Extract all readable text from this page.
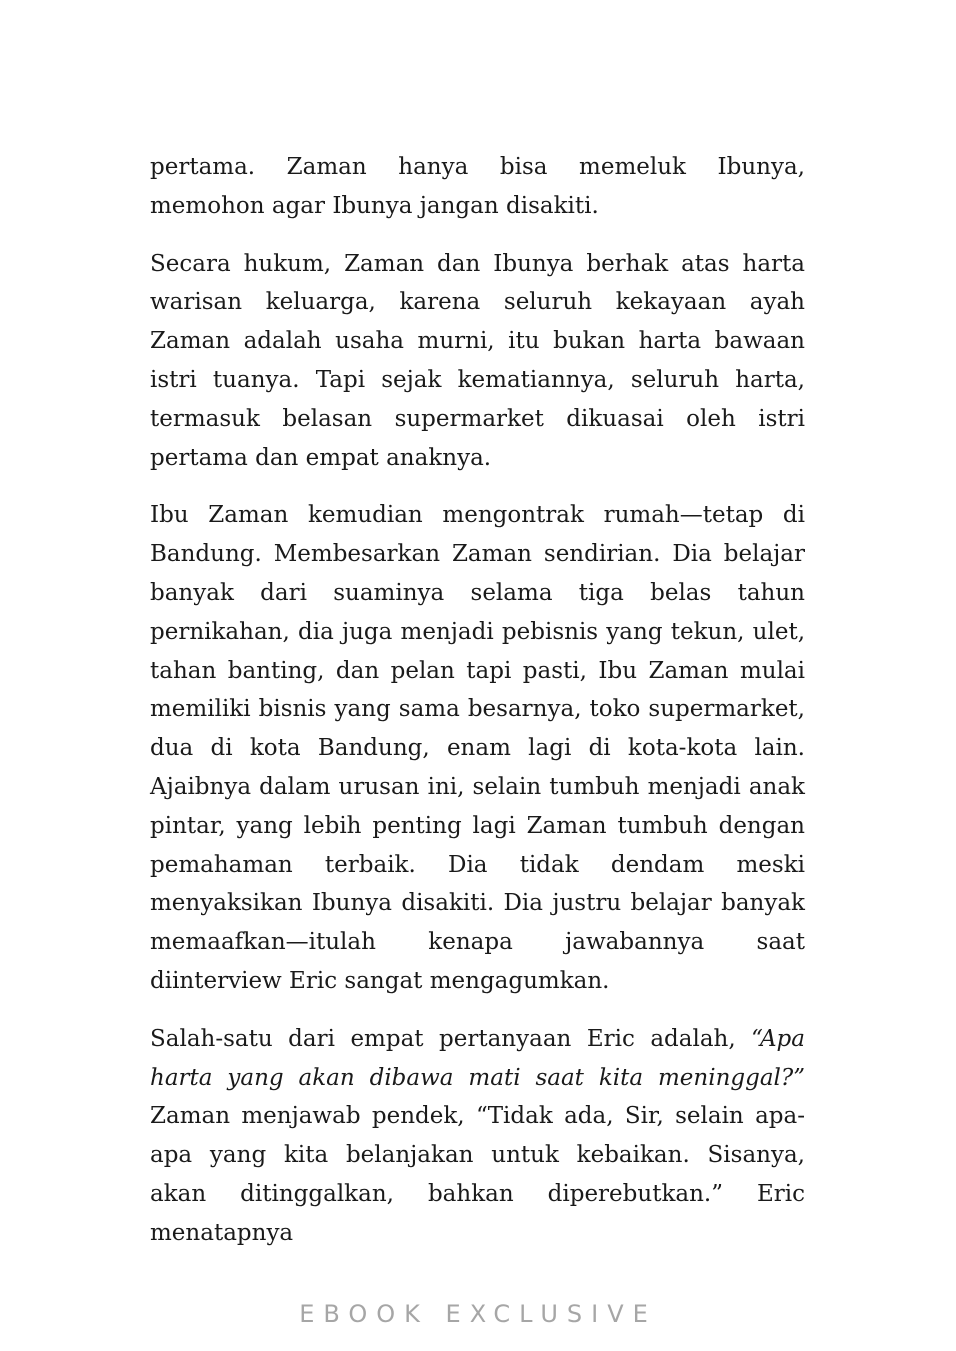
pertama. Zaman hanya bisa memeluk Ibunya, memohon agar Ibunya jangan disakiti.

Secara hukum, Zaman dan Ibunya berhak atas harta warisan keluarga, karena seluruh kekayaan ayah Zaman adalah usaha murni, itu bukan harta bawaan istri tuanya. Tapi sejak kematiannya, seluruh harta, termasuk belasan supermarket dikuasai oleh istri pertama dan empat anaknya.

Ibu Zaman kemudian mengontrak rumah—tetap di Bandung. Membesarkan Zaman sendirian. Dia belajar banyak dari suaminya selama tiga belas tahun pernikahan, dia juga menjadi pebisnis yang tekun, ulet, tahan banting, dan pelan tapi pasti, Ibu Zaman mulai memiliki bisnis yang sama besarnya, toko supermarket, dua di kota Bandung, enam lagi di kota-kota lain. Ajaibnya dalam urusan ini, selain tumbuh menjadi anak pintar, yang lebih penting lagi Zaman tumbuh dengan pemahaman terbaik. Dia tidak dendam meski menyaksikan Ibunya disakiti. Dia justru belajar banyak memaafkan—itulah kenapa jawabannya saat diinterview Eric sangat mengagumkan.

Salah-satu dari empat pertanyaan Eric adalah, “Apa harta yang akan dibawa mati saat kita meninggal?” Zaman menjawab pendek, “Tidak ada, Sir, selain apa-apa yang kita belanjakan untuk kebaikan. Sisanya, akan ditinggalkan, bahkan diperebutkan.” Eric menatapnya

EBOOK EXCLUSIVE
